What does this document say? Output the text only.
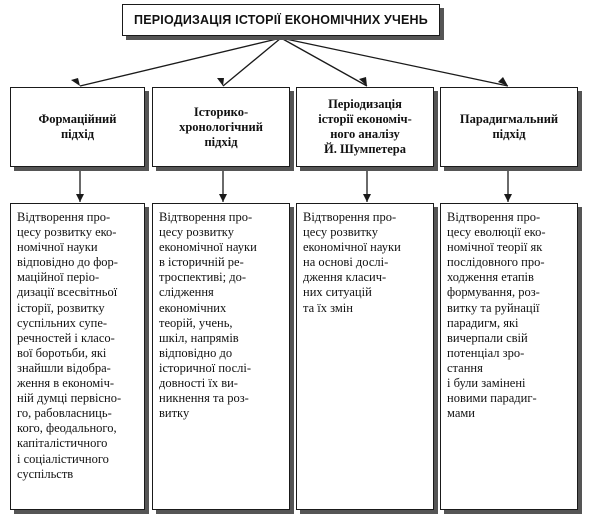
ПЕРІОДИЗАЦІЯ ІСТОРІЇ ЕКОНОМІЧНИХ УЧЕНЬ
Формаційний
підхід
Історико-
хронологічний
підхід
Періодизація
історії економіч-
ного аналізу
Й. Шумпетера
Парадигмальний
підхід
Відтворення про-
цесу розвитку еко-
номічної науки
відповідно до фор-
маційної періо-
дизації всесвітньої
історії, розвитку
суспільних супе-
речностей і класо-
вої боротьби, які
знайшли відобра-
ження в економіч-
ній думці первісно-
го, рабовласниць-
кого, феодального,
капіталістичного
і соціалістичного
суспільств
Відтворення про-
цесу розвитку
економічної науки
в історичній ре-
троспективі; до-
слідження
економічних
теорій, учень,
шкіл, напрямів
відповідно до
історичної послі-
довності їх ви-
никнення та роз-
витку
Відтворення про-
цесу розвитку
економічної науки
на основі дослі-
дження класич-
них ситуацій
та їх змін
Відтворення про-
цесу еволюції еко-
номічної теорії як
послідовного про-
ходження етапів
формування, роз-
витку та руйнації
парадигм, які
вичерпали свій
потенціал зро-
стання
і були замінені
новими парадиг-
мами
